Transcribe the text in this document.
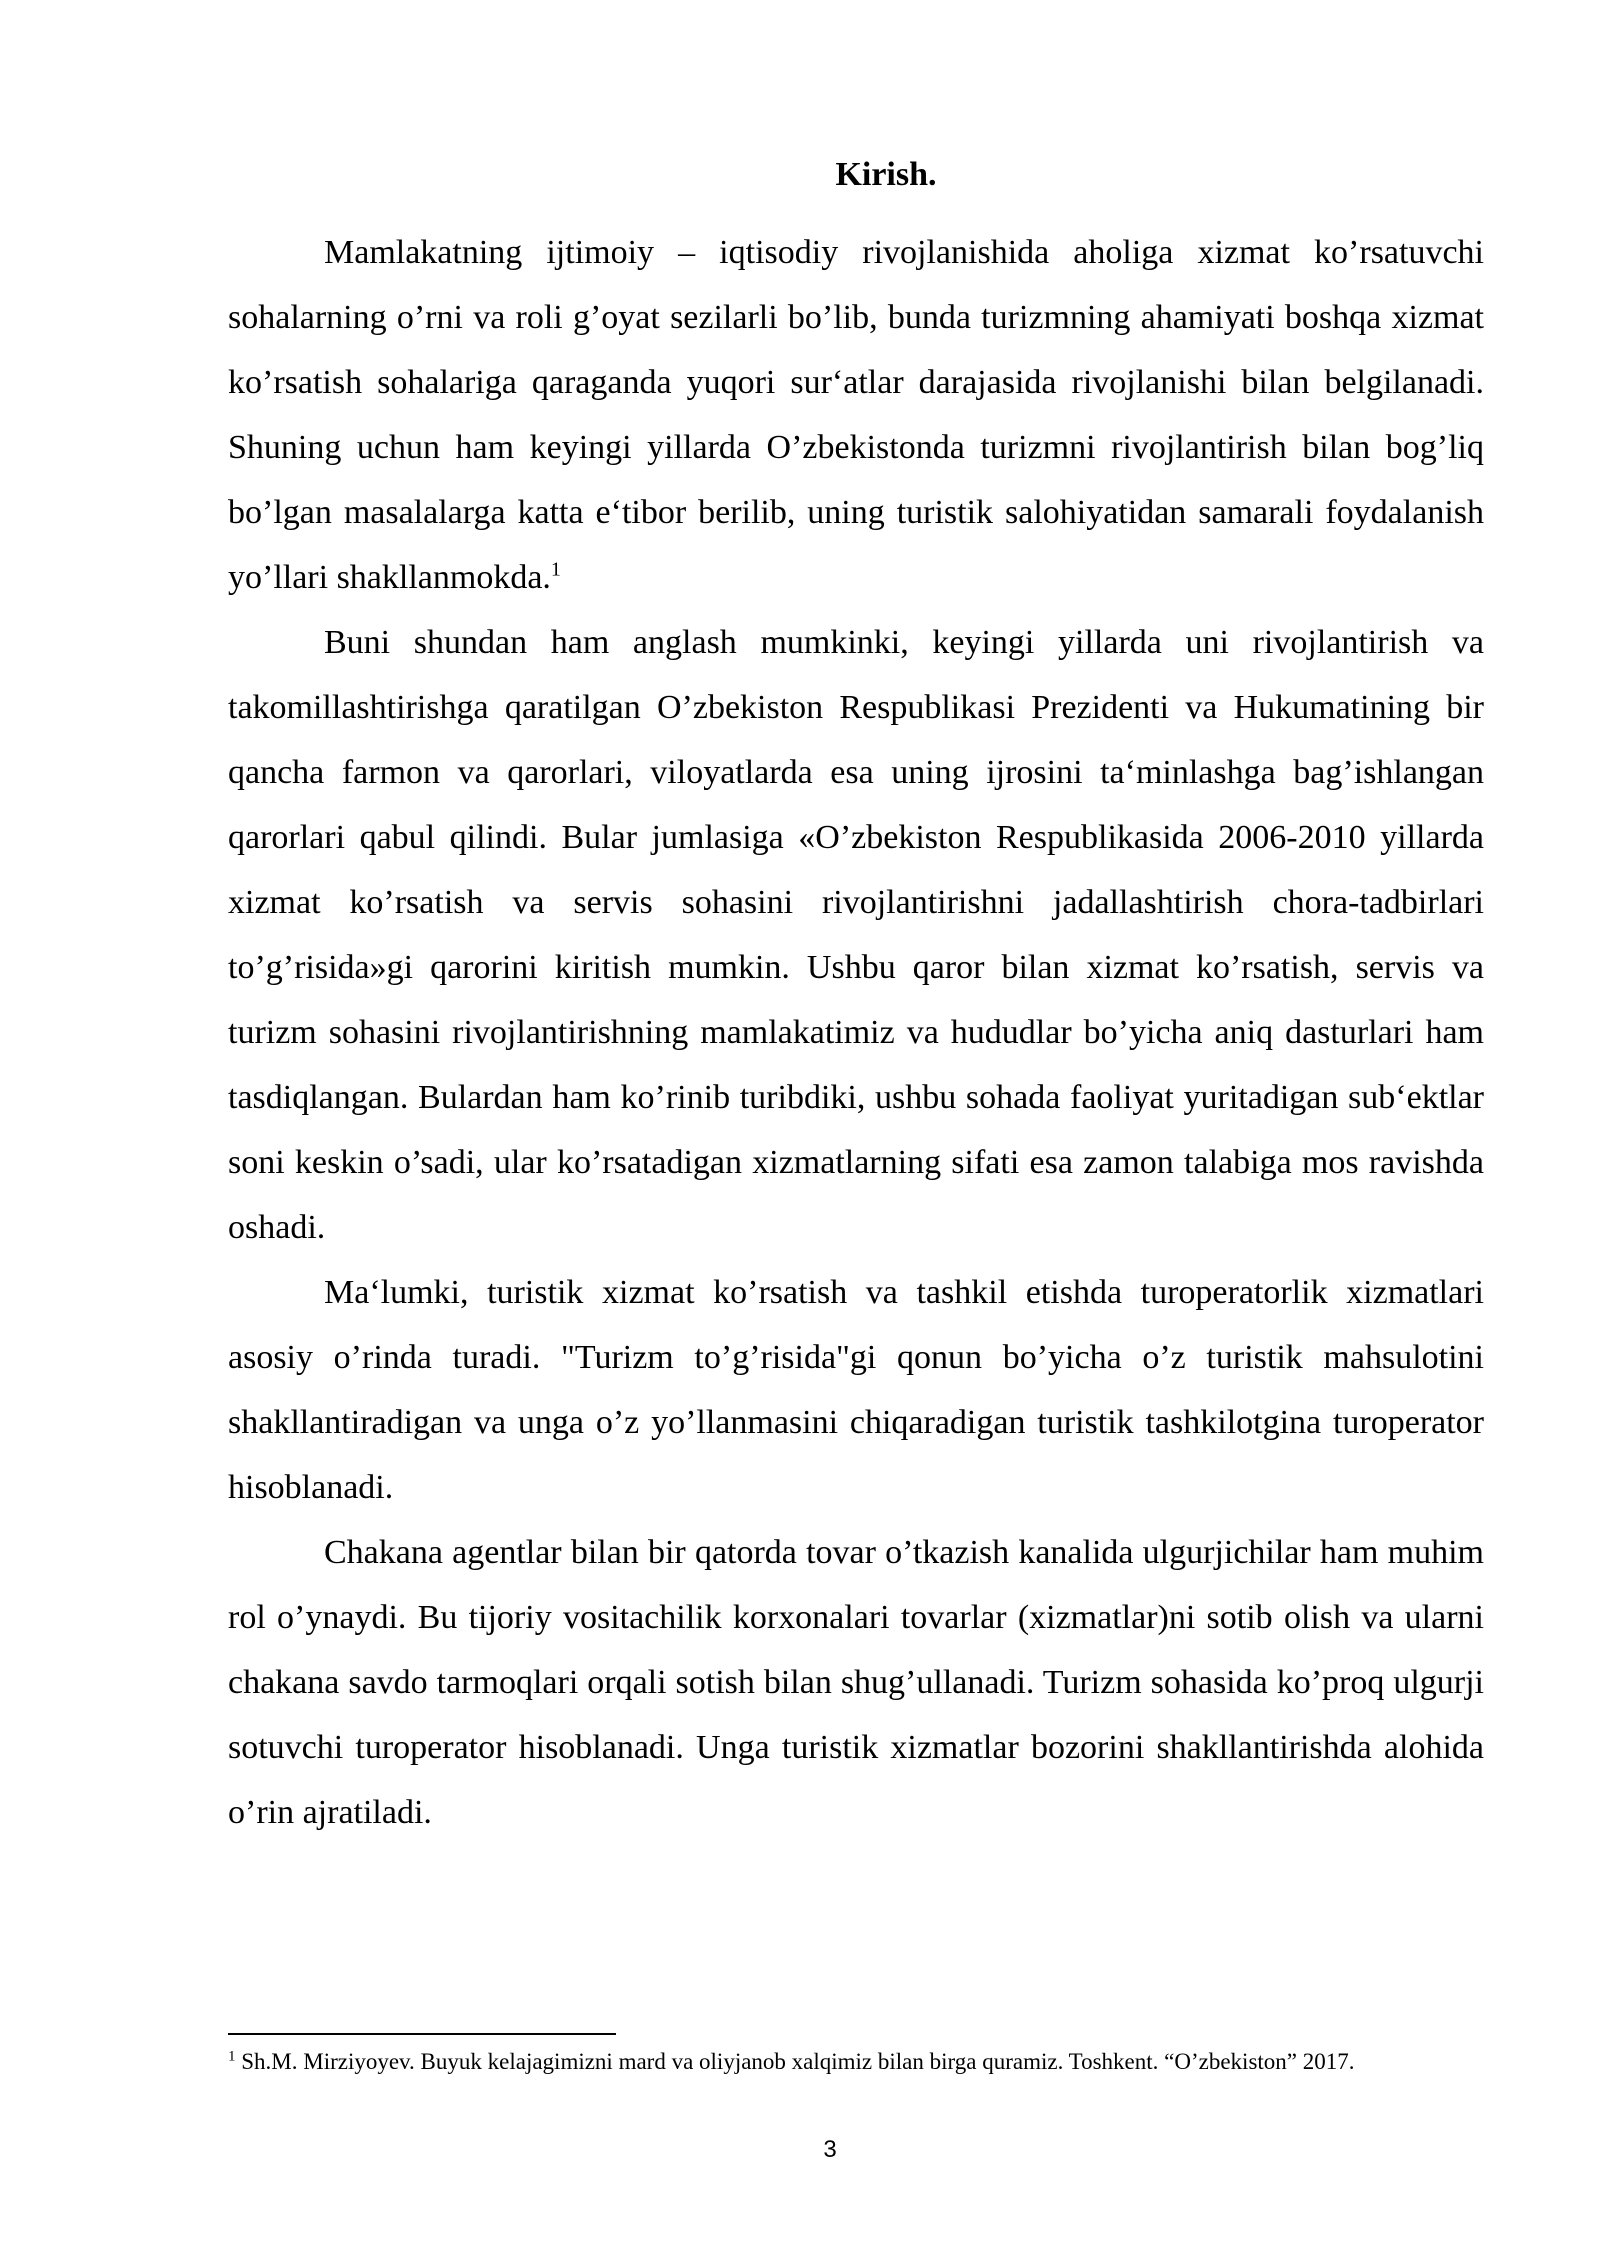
Kirish.

Mamlakatning ijtimoiy – iqtisodiy rivojlanishida aholiga xizmat ko’rsatuvchi sohalarning o’rni va roli g’oyat sezilarli bo’lib, bunda turizmning ahamiyati boshqa xizmat ko’rsatish sohalariga qaraganda yuqori sur‘atlar darajasida rivojlanishi bilan belgilanadi. Shuning uchun ham keyingi yillarda O’zbekistonda turizmni rivojlantirish bilan bog’liq bo’lgan masalalarga katta e‘tibor berilib, uning turistik salohiyatidan samarali foydalanish yo’llari shakllanmokda.$^1$

Buni shundan ham anglash mumkinki, keyingi yillarda uni rivojlantirish va takomillashtirishga qaratilgan O’zbekiston Respublikasi Prezidenti va Hukumatining bir qancha farmon va qarorlari, viloyatlarda esa uning ijrosini ta‘minlashga bag’ishlangan qarorlari qabul qilindi. Bular jumlasiga «O’zbekiston Respublikasida 2006-2010 yillarda xizmat ko’rsatish va servis sohasini rivojlantirishni jadallashtirish chora-tadbirlari to’g’risida»gi qarorini kiritish mumkin. Ushbu qaror bilan xizmat ko’rsatish, servis va turizm sohasini rivojlantirishning mamlakatimiz va hududlar bo’yicha aniq dasturlari ham tasdiqlangan. Bulardan ham ko’rinib turibdiki, ushbu sohada faoliyat yuritadigan sub‘ektlar soni keskin o’sadi, ular ko’rsatadigan xizmatlarning sifati esa zamon talabiga mos ravishda oshadi.

Ma‘lumki, turistik xizmat ko’rsatish va tashkil etishda turoperatorlik xizmatlari asosiy o’rinda turadi. "Turizm to’g’risida"gi qonun bo’yicha o’z turistik mahsulotini shakllantiradigan va unga o’z yo’llanmasini chiqaradigan turistik tashkilotgina turoperator hisoblanadi.

Chakana agentlar bilan bir qatorda tovar o’tkazish kanalida ulgurjichilar ham muhim rol o’ynaydi. Bu tijoriy vositachilik korxonalari tovarlar (xizmatlar)ni sotib olish va ularni chakana savdo tarmoqlari orqali sotish bilan shug’ullanadi. Turizm sohasida ko’proq ulgurji sotuvchi turoperator hisoblanadi. Unga turistik xizmatlar bozorini shakllantirishda alohida o’rin ajratiladi.

$^1$ Sh.M. Mirziyoyev. Buyuk kelajagimizni mard va oliyjanob xalqimiz bilan birga quramiz. Toshkent. “O’zbekiston” 2017.
3
